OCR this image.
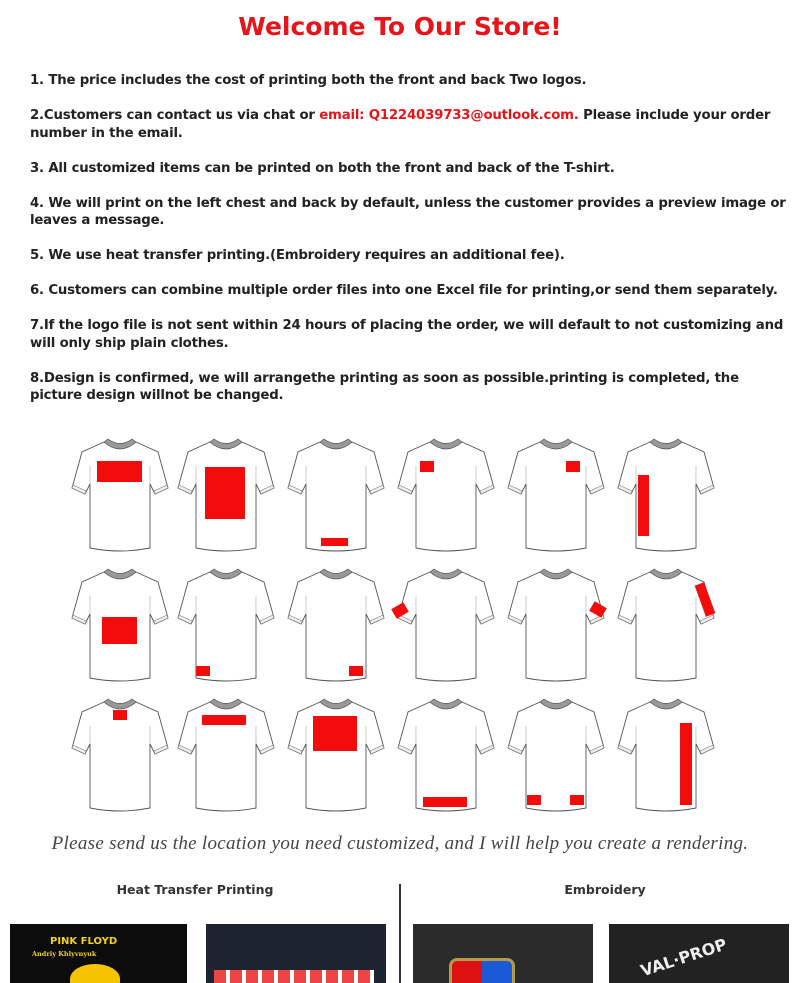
Welcome To Our Store!

1. The price includes the cost of printing both the front and back Two logos.

2.Customers can contact us via chat or email: Q1224039733@outlook.com. Please include your order number in the email.

3. All customized items can be printed on both the front and back of the T-shirt.

4. We will print on the left chest and back by default, unless the customer provides a preview image or leaves a message.

5. We use heat transfer printing.(Embroidery requires an additional fee).

6. Customers can combine multiple order files into one Excel file for printing,or send them separately.

7.If the logo file is not sent within 24 hours of placing the order, we will default to not customizing and will only ship plain clothes.

8.Design is confirmed, we will arrangethe printing as soon as possible.printing is completed, the picture design willnot be changed.

Please send us the location you need customized, and I will help you create a rendering.
Heat Transfer Printing	Embroidery
PINK FLOYD
Andriy Khlyvnyuk	VAL·PROP
